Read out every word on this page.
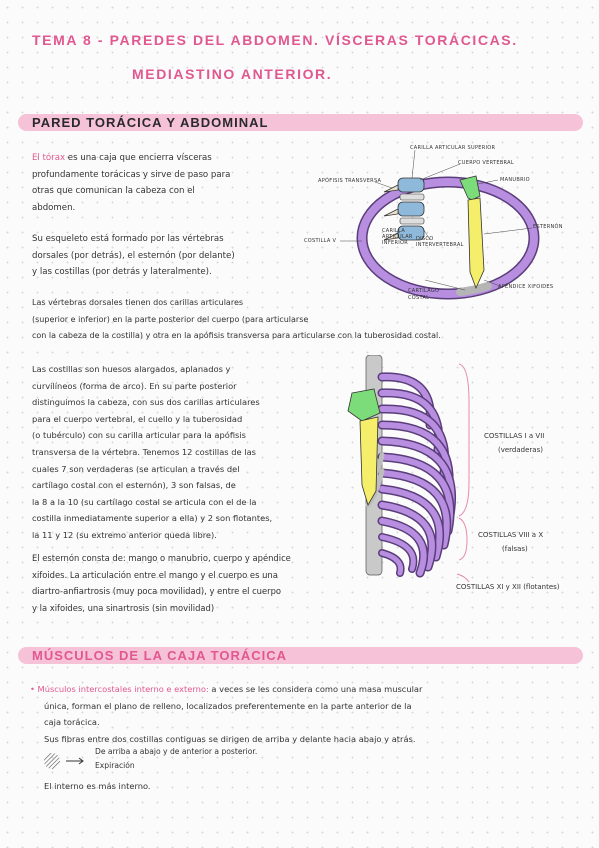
TEMA 8 - PAREDES DEL ABDOMEN. VÍSCERAS TORÁCICAS.
MEDIASTINO ANTERIOR.
PARED TORÁCICA Y ABDOMINAL

El tórax es una caja que encierra vísceras

profundamente torácicas y sirve de paso para

otras que comunican la cabeza con el

abdomen.

Su esqueleto está formado por las vértebras

dorsales (por detrás), el esternón (por delante)

y las costillas (por detrás y lateralmente).

Las vértebras dorsales tienen dos carillas articulares

(superior e inferior) en la parte posterior del cuerpo (para articularse

con la cabeza de la costilla) y otra en la apófisis transversa para articularse con la tuberosidad costal.

Las costillas son huesos alargados, aplanados y

curvilíneos (forma de arco). En su parte posterior

distinguimos la cabeza, con sus dos carillas articulares

para el cuerpo vertebral, el cuello y la tuberosidad

(o tubérculo) con su carilla articular para la apófisis

transversa de la vértebra. Tenemos 12 costillas de las

cuales 7 son verdaderas (se articulan a través del

cartílago costal con el esternón), 3 son falsas, de

la 8 a la 10 (su cartílago costal se articula con el de la

costilla inmediatamente superior a ella) y 2 son flotantes,

la 11 y 12 (su extremo anterior queda libre).

El esternón consta de: mango o manubrio, cuerpo y apéndice

xifoides. La articulación entre el mango y el cuerpo es una

diartro-anfiartrosis (muy poca movilidad), y entre el cuerpo

y la xifoides, una sinartrosis (sin movilidad)

CARILLA ARTICULAR SUPERIOR
CUERPO VERTEBRAL
APÓFISIS TRANSVERSA	MANUBRIO
ESTERNÓN
COSTILLA V
CARILLA ARTICULAR INFERIOR
DISCO INTERVERTEBRAL
CARTÍLAGO COSTAL
APÉNDICE XIFOIDES
COSTILLAS I a VII
(verdaderas)
COSTILLAS VIII a X
(falsas)
COSTILLAS XI y XII (flotantes)
MÚSCULOS DE LA CAJA TORÁCICA

• Músculos intercostales interno e externo: a veces se les considera como una masa muscular

única, forman el plano de relleno, localizados preferentemente en la parte anterior de la

caja torácica.

Sus fibras entre dos costillas contiguas se dirigen de arriba y delante hacia abajo y atrás.

De arriba a abajo y de anterior a posterior.

Expiración

El interno es más interno.
